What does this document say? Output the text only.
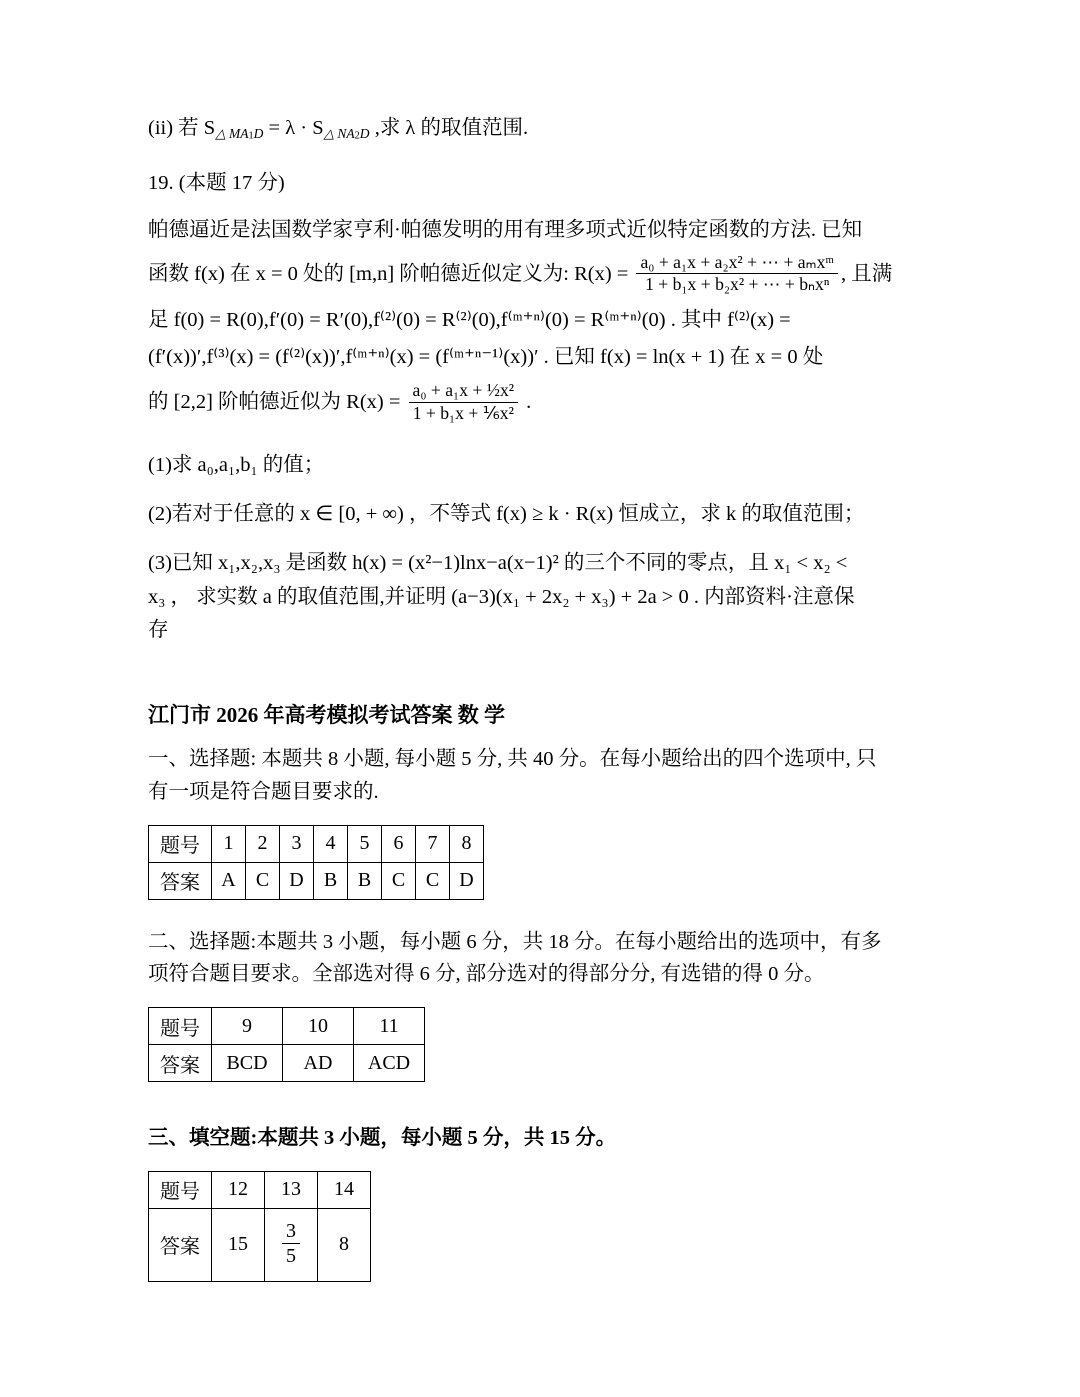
(ii) 若 S△ $MA_1D = \lambda$ · S△ $NA_2D$ ,求 λ 的取值范围.
19. (本题 17 分)
帕德逼近是法国数学家亨利·帕德发明的用有理多项式近似特定函数的方法. 已知
函数 f(x) 在 x = 0 处的 [m,n] 阶帕德近似定义为: $R(x) = \frac{\text{a₀ + a₁x + a₂x² + ⋯ + aₘxᵐ}}{\text{1 + b₁x + b₂x² + ⋯ + bₙxⁿ}}$ , 且满
足 f(0) = R(0),f′(0) = R′(0),f⁽²⁾(0) = R⁽²⁾(0),f⁽ᵐ⁺ⁿ⁾(0) = R⁽ᵐ⁺ⁿ⁾(0) . 其中 f⁽²⁾(x) =
(f′(x))′,f⁽³⁾(x) = (f⁽²⁾(x))′,f⁽ᵐ⁺ⁿ⁾(x) = (f⁽ᵐ⁺ⁿ⁻¹⁾(x))′ . 已知 f(x) = ln(x + 1) 在 x = 0 处
的 [2,2] 阶帕德近似为 $R(x) = \frac{\text{a₀ + a₁x + ½x²}}{\text{1 + b₁x + ⅙x²}}$ .
(1)求 a₀,a₁,b₁ 的值；
(2)若对于任意的 x ∈ [0, + ∞) ，不等式 f(x) ≥ k · R(x) 恒成立，求 k 的取值范围；
(3)已知 x₁,x₂,x₃ 是函数 h(x) = (x²−1)lnx−a(x−1)² 的三个不同的零点，且 x₁ < x₂ <
x₃ ， 求实数 a 的取值范围,并证明 (a−3)(x₁ + 2x₂ + x₃) + 2a > 0 . 内部资料·注意保
存
江门市 2026 年高考模拟考试答案 数 学
一、选择题: 本题共 8 小题, 每小题 5 分, 共 40 分。在每小题给出的四个选项中, 只
有一项是符合题目要求的.
题号	1	2	3	4	5	6	7	8
答案	A	C	D	B	B	C	C	D
二、选择题:本题共 3 小题，每小题 6 分，共 18 分。在每小题给出的选项中，有多
项符合题目要求。全部选对得 6 分, 部分选对的得部分分, 有选错的得 0 分。
题号	9	10	11
答案	BCD	AD	ACD
三、填空题:本题共 3 小题，每小题 5 分，共 15 分。
题号	12	13	14
答案	15	$\frac{3}{5}$	8
